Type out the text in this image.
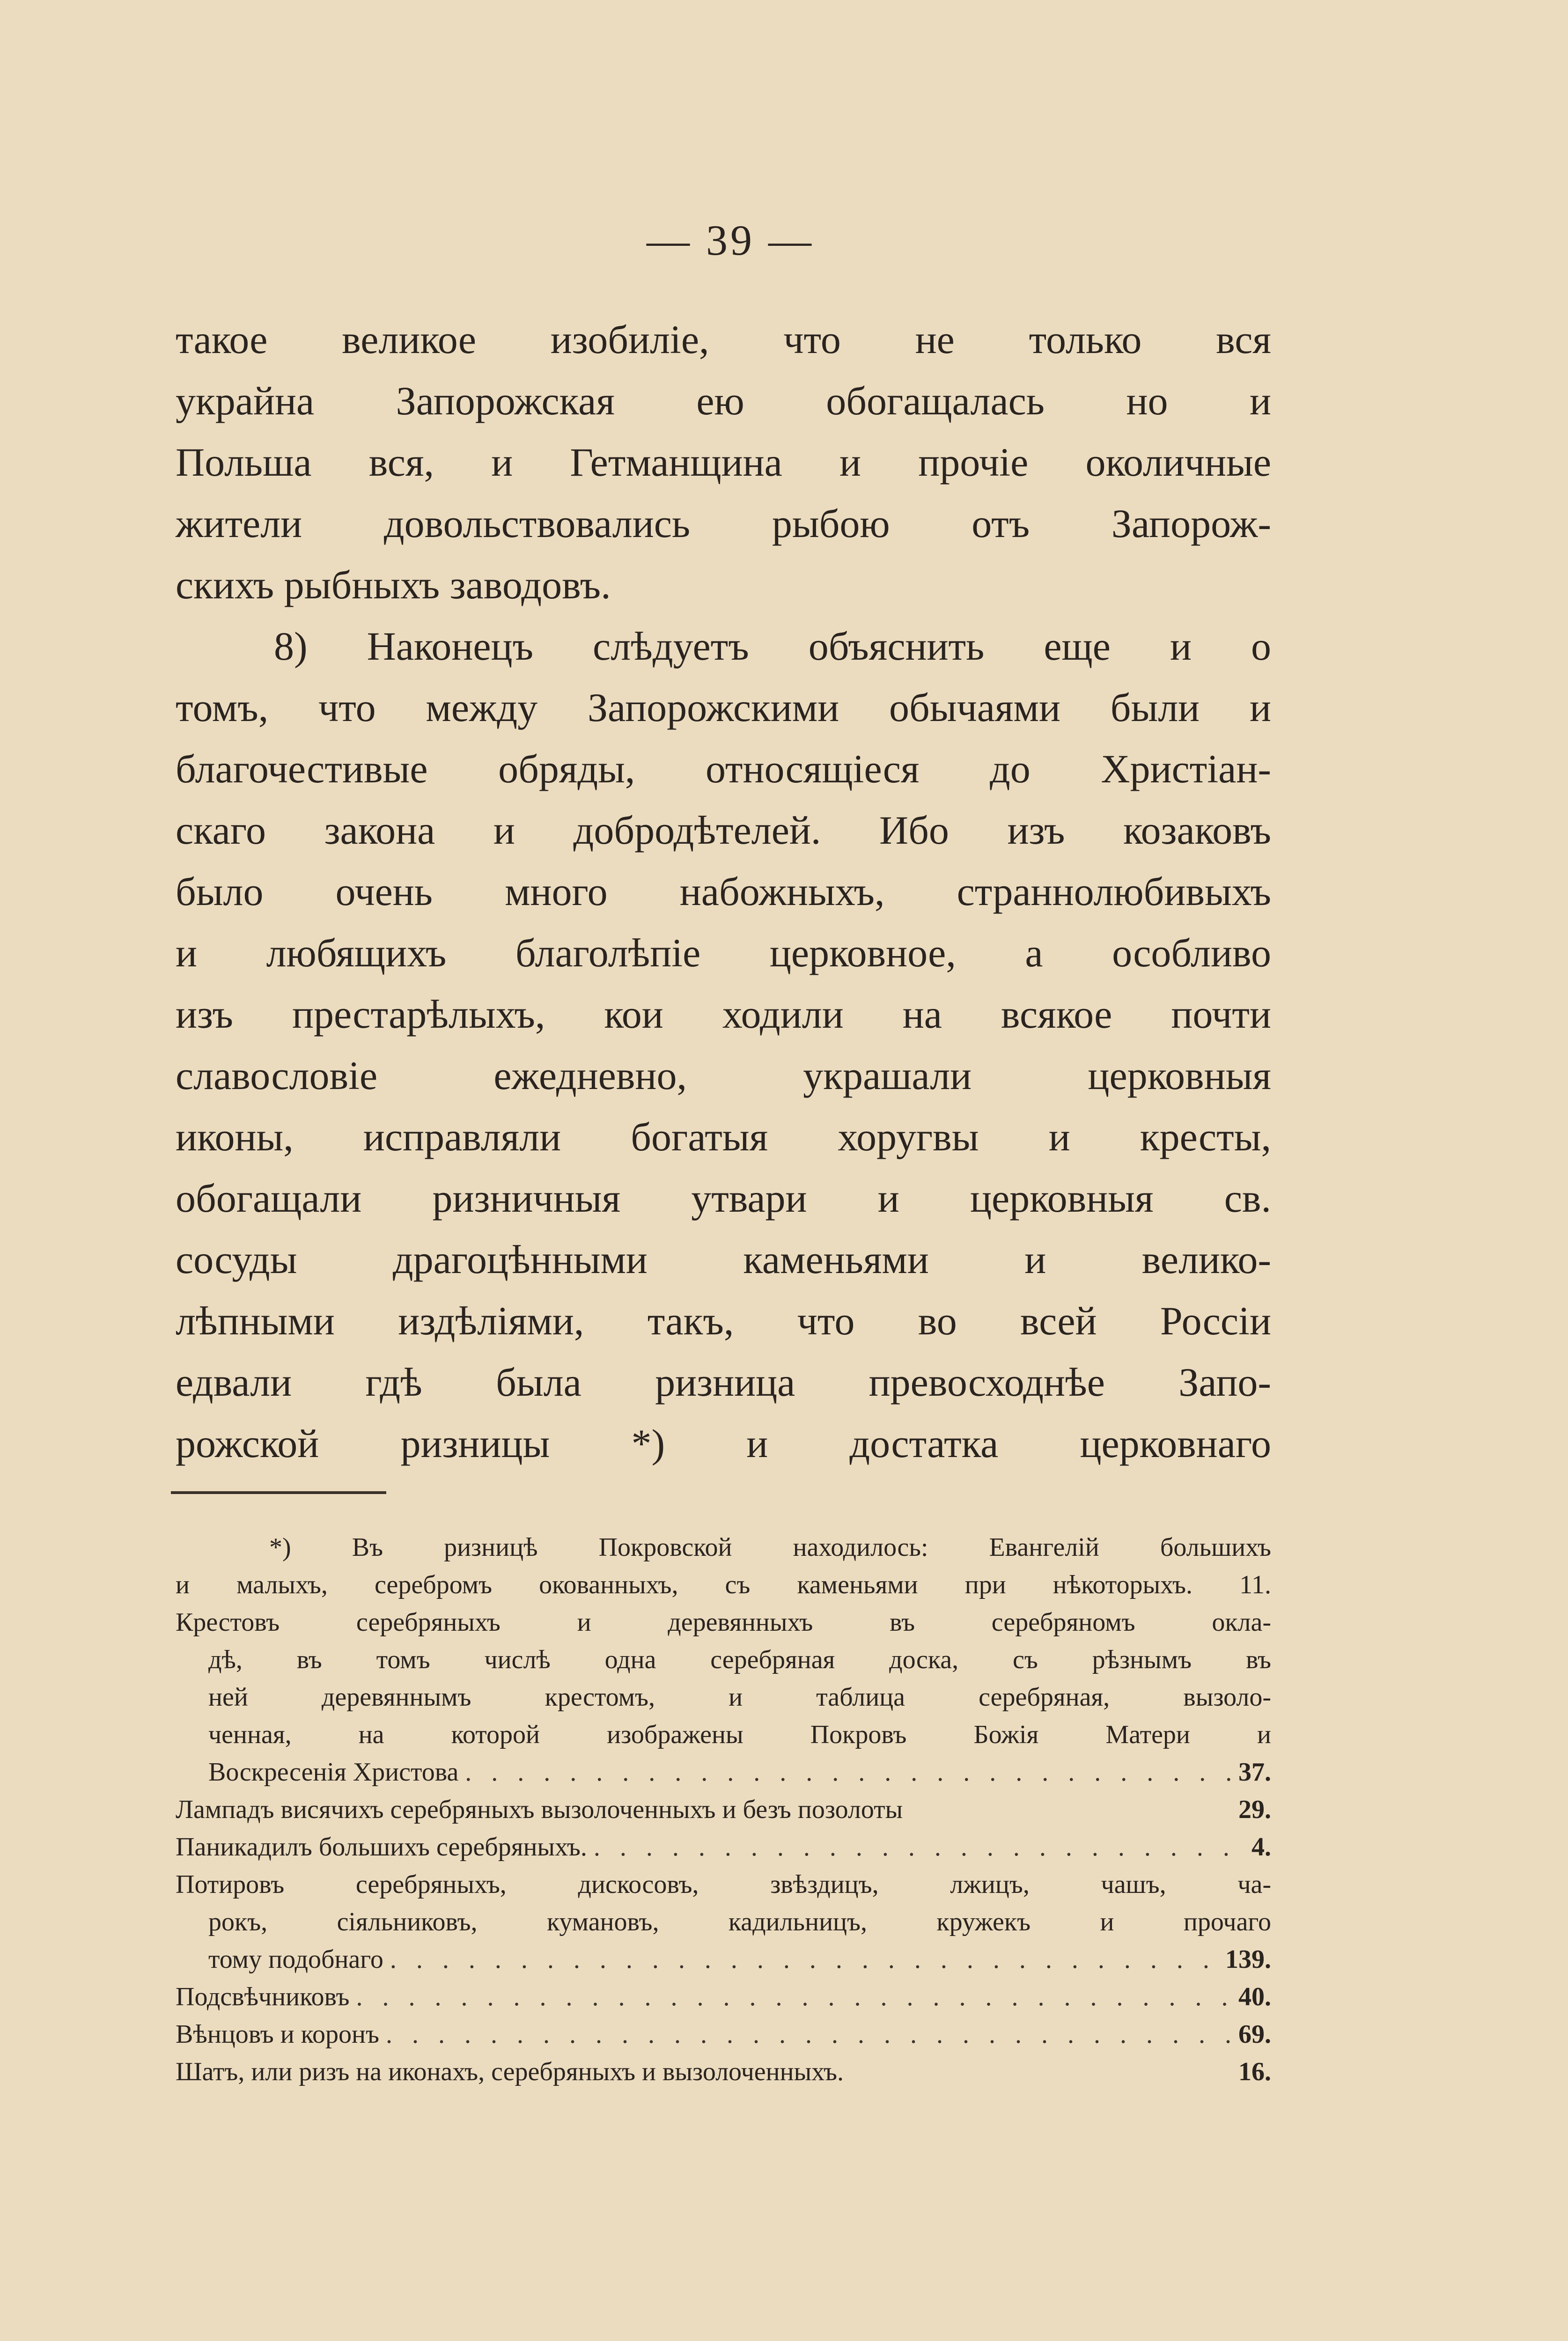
— 39 —
такое великое изобиліе, что не только вся
украйна Запорожская ею обогащалась но и
Польша вся, и Гетманщина и прочіе околичные
жители довольствовались рыбою отъ Запорож-
скихъ рыбныхъ заводовъ.
8) Наконецъ слѣдуетъ объяснить еще и о
томъ, что между Запорожскими обычаями были и
благочестивые обряды, относящіеся до Христіан-
скаго закона и добродѣтелей. Ибо изъ козаковъ
было очень много набожныхъ, страннолюбивыхъ
и любящихъ благолѣпіе церковное, а особливо
изъ престарѣлыхъ, кои ходили на всякое почти
славословіе ежедневно, украшали церковныя
иконы, исправляли богатыя хоругвы и кресты,
обогащали ризничныя утвари и церковныя св.
сосуды драгоцѣнными каменьями и велико-
лѣпными издѣліями, такъ, что во всей Россіи
едвали гдѣ была ризница превосходнѣе Запо-
рожской ризницы *) и достатка церковнаго
*) Въ ризницѣ Покровской находилось: Евангелій большихъ
и малыхъ, серебромъ окованныхъ, съ каменьями при нѣкоторыхъ. 11.
Крестовъ серебряныхъ и деревянныхъ въ серебряномъ окла-
дѣ, въ томъ числѣ одна серебряная доска, съ рѣзнымъ въ
ней деревяннымъ крестомъ, и таблица серебряная, вызоло-
ченная, на которой изображены Покровъ Божія Матери и
Воскресенія Христова . . .	37.
Лампадъ висячихъ серебряныхъ вызолоченныхъ и безъ позолоты	29.
Паникадилъ большихъ серебряныхъ. . . .	4.
Потировъ серебряныхъ, дискосовъ, звѣздицъ, лжицъ, чашъ, ча-
рокъ, сіяльниковъ, кумановъ, кадильницъ, кружекъ и прочаго
тому подобнаго . . .	139.
Подсвѣчниковъ . . .	40.
Вѣнцовъ и коронъ . . .	69.
Шатъ, или ризъ на иконахъ, серебряныхъ и вызолоченныхъ.	16.
